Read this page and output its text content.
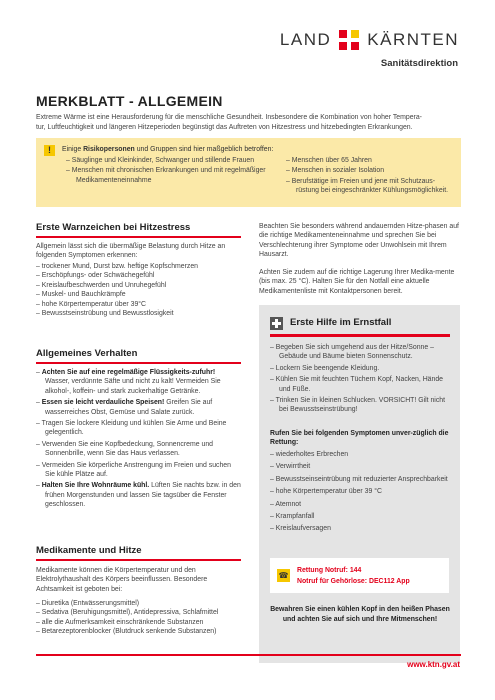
LAND KÄRNTEN
Sanitätsdirektion
MERKBLATT - ALLGEMEIN
Extreme Wärme ist eine Herausforderung für die menschliche Gesundheit. Insbesondere die Kombination von hoher Tempera-
tur, Luftfeuchtigkeit und längeren Hitzeperioden begünstigt das Auftreten von Hitzestress und hitzebedingten Erkrankungen.
!	Einige Risikopersonen und Gruppen sind hier maßgeblich betroffen:
– Säuglinge und Kleinkinder, Schwanger und stillende Frauen
– Menschen mit chronischen Erkrankungen und mit regelmäßiger Medikamenteneinnahme
– Menschen über 65 Jahren
– Menschen in sozialer Isolation
– Berufstätige im Freien und jene mit Schutzaus-rüstung bei eingeschränkter Kühlungsmöglichkeit.
Erste Warnzeichen bei Hitzestress
Allgemein lässt sich die übermäßige Belastung durch Hitze an folgenden Symptomen erkennen:
– trockener Mund, Durst bzw. heftige Kopfschmerzen
– Erschöpfungs- oder Schwächegefühl
– Kreislaufbeschwerden und Unruhegefühl
– Muskel- und Bauchkrämpfe
– hohe Körpertemperatur über 39°C
– Bewusstseinstrübung und Bewusstlosigkeit
Allgemeines Verhalten
– Achten Sie auf eine regelmäßige Flüssigkeits-zufuhr! Wasser, verdünnte Säfte und nicht zu kalt! Vermeiden Sie alkohol-, koffein- und stark zuckerhaltige Getränke.
– Essen sie leicht verdauliche Speisen! Greifen Sie auf wasserreiches Obst, Gemüse und Salate zurück.
– Tragen Sie lockere Kleidung und kühlen Sie Arme und Beine gelegentlich.
– Verwenden Sie eine Kopfbedeckung, Sonnencreme und Sonnenbrille, wenn Sie das Haus verlassen.
– Vermeiden Sie körperliche Anstrengung im Freien und suchen Sie kühle Plätze auf.
– Halten Sie Ihre Wohnräume kühl. Lüften Sie nachts bzw. in den frühen Morgenstunden und lassen Sie tagsüber die Fenster geschlossen.
Medikamente und Hitze
Medikamente können die Körpertemperatur und den Elektrolythaushalt des Körpers beeinflussen. Besondere Achtsamkeit ist geboten bei:
– Diuretika (Entwässerungsmittel)
– Sedativa (Beruhigungsmittel), Antidepressiva, Schlafmittel
– alle die Aufmerksamkeit einschränkende Substanzen
– Betarezeptorenblocker (Blutdruck senkende Substanzen)
Beachten Sie besonders während andauernden Hitze-phasen auf die richtige Medikamenteneinnahme und sprechen Sie bei Verschlechterung ihrer Symptome oder Unwohlsein mit Ihrem Hausarzt.
Achten Sie zudem auf die richtige Lagerung Ihrer Medika-mente (bis max. 25 °C). Halten Sie für den Notfall eine aktuelle Medikamentenliste mit Kontaktpersonen bereit.
Erste Hilfe im Ernstfall
– Begeben Sie sich umgehend aus der Hitze/Sonne – Gebäude und Bäume bieten Sonnenschutz.
– Lockern Sie beengende Kleidung.
– Kühlen Sie mit feuchten Tüchern Kopf, Nacken, Hände und Füße.
– Trinken Sie in kleinen Schlucken. VORSICHT! Gilt nicht bei Bewusstseinstrübung!
Rufen Sie bei folgenden Symptomen unver-züglich die Rettung:
– wiederholtes Erbrechen
– Verwirrtheit
– Bewusstseinseintrübung mit reduzierter Ansprechbarkeit
– hohe Körpertemperatur über 39 °C
– Atemnot
– Krampfanfall
– Kreislaufversagen
☎
Rettung Notruf: 144
Notruf für Gehörlose: DEC112 App
Bewahren Sie einen kühlen Kopf in den heißen Phasen und achten Sie auf sich und Ihre Mitmenschen!
www.ktn.gv.at
